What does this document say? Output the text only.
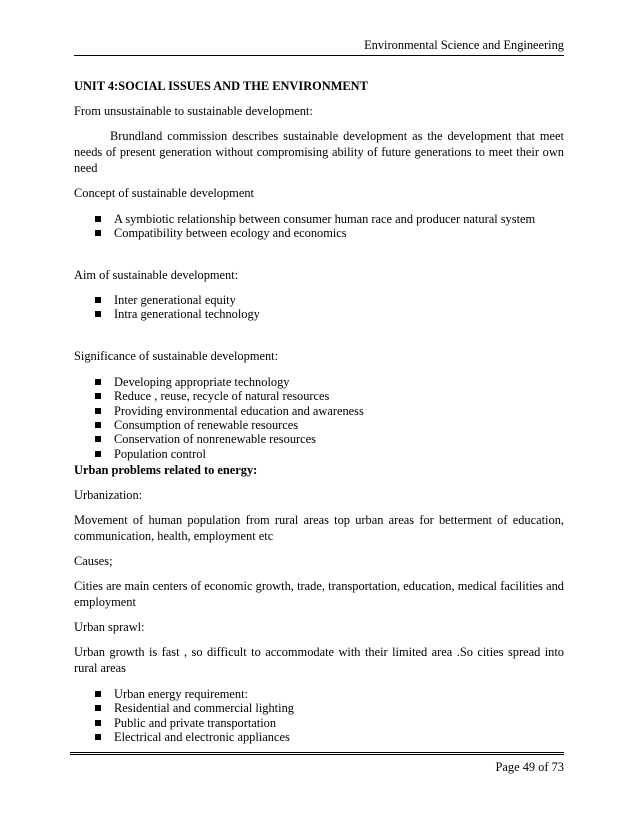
Environmental Science and Engineering

UNIT 4:SOCIAL ISSUES AND THE ENVIRONMENT

From unsustainable to sustainable development:

Brundland commission describes sustainable development as the development that meet needs of present generation without compromising ability of future generations to meet their own need

Concept of sustainable development

A symbiotic relationship between consumer human race and producer natural system
Compatibility between ecology and economics

Aim of sustainable development:

Inter generational equity
Intra generational technology

Significance of sustainable development:

Developing appropriate technology
Reduce , reuse, recycle of natural resources
Providing environmental education and awareness
Consumption of renewable resources
Conservation of nonrenewable resources
Population control

Urban problems related to energy:

Urbanization:

Movement of human population from rural areas top urban areas for betterment of education, communication, health, employment etc

Causes;

Cities are main centers of economic growth, trade, transportation, education, medical facilities and employment

Urban sprawl:

Urban growth is fast , so difficult to accommodate with their limited area .So cities spread into rural areas

Urban energy requirement:
Residential and commercial lighting
Public and private transportation
Electrical and electronic appliances
Page 49 of 73
